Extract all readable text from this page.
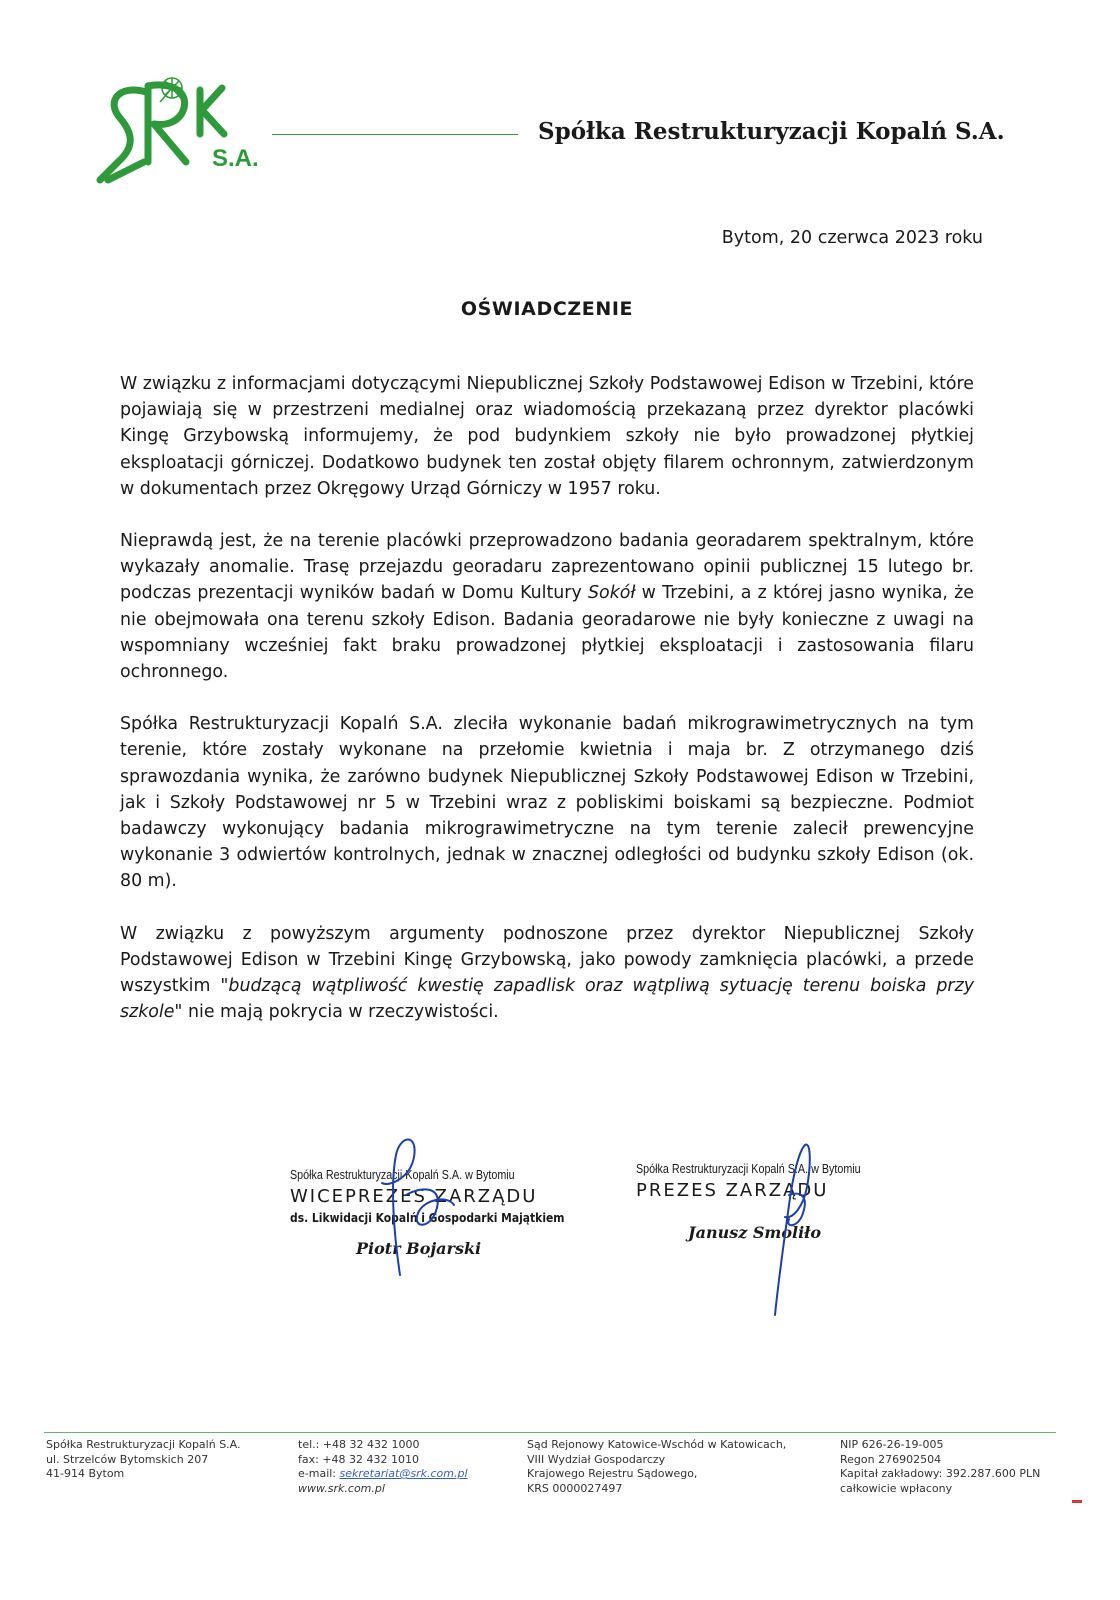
S.A.
Spółka Restrukturyzacji Kopalń S.A.
Bytom, 20 czerwca 2023 roku
OŚWIADCZENIE

W związku z informacjami dotyczącymi Niepublicznej Szkoły Podstawowej Edison w Trzebini, które pojawiają się w przestrzeni medialnej oraz wiadomością przekazaną przez dyrektor placówki Kingę Grzybowską informujemy, że pod budynkiem szkoły nie było prowadzonej płytkiej eksploatacji górniczej. Dodatkowo budynek ten został objęty filarem ochronnym, zatwierdzonym w dokumentach przez Okręgowy Urząd Górniczy w 1957 roku.

Nieprawdą jest, że na terenie placówki przeprowadzono badania georadarem spektralnym, które wykazały anomalie. Trasę przejazdu georadaru zaprezentowano opinii publicznej 15 lutego br. podczas prezentacji wyników badań w Domu Kultury Sokół w Trzebini, a z której jasno wynika, że nie obejmowała ona terenu szkoły Edison. Badania georadarowe nie były konieczne z uwagi na wspomniany wcześniej fakt braku prowadzonej płytkiej eksploatacji i zastosowania filaru ochronnego.

Spółka Restrukturyzacji Kopalń S.A. zleciła wykonanie badań mikrograwimetrycznych na tym terenie, które zostały wykonane na przełomie kwietnia i maja br. Z otrzymanego dziś sprawozdania wynika, że zarówno budynek Niepublicznej Szkoły Podstawowej Edison w Trzebini, jak i Szkoły Podstawowej nr 5 w Trzebini wraz z pobliskimi boiskami są bezpieczne. Podmiot badawczy wykonujący badania mikrograwimetryczne na tym terenie zalecił prewencyjne wykonanie 3 odwiertów kontrolnych, jednak w znacznej odległości od budynku szkoły Edison (ok. 80 m).

W związku z powyższym argumenty podnoszone przez dyrektor Niepublicznej Szkoły Podstawowej Edison w Trzebini Kingę Grzybowską, jako powody zamknięcia placówki, a przede wszystkim "budzącą wątpliwość kwestię zapadlisk oraz wątpliwą sytuację terenu boiska przy szkole" nie mają pokrycia w rzeczywistości.

Spółka Restrukturyzacji Kopalń S.A. w Bytomiu
WICEPREZES ZARZĄDU
ds. Likwidacji Kopalń i Gospodarki Majątkiem
Piotr Bojarski
Spółka Restrukturyzacji Kopalń S.A. w Bytomiu
PREZES ZARZĄDU
Janusz Smoliło
Spółka Restrukturyzacji Kopalń S.A.
ul. Strzelców Bytomskich 207
41-914 Bytom
tel.: +48 32 432 1000
fax: +48 32 432 1010
e-mail: sekretariat@srk.com.pl
www.srk.com.pl
Sąd Rejonowy Katowice-Wschód w Katowicach,
VIII Wydział Gospodarczy
Krajowego Rejestru Sądowego,
KRS 0000027497
NIP 626-26-19-005
Regon 276902504
Kapitał zakładowy: 392.287.600 PLN
całkowicie wpłacony
